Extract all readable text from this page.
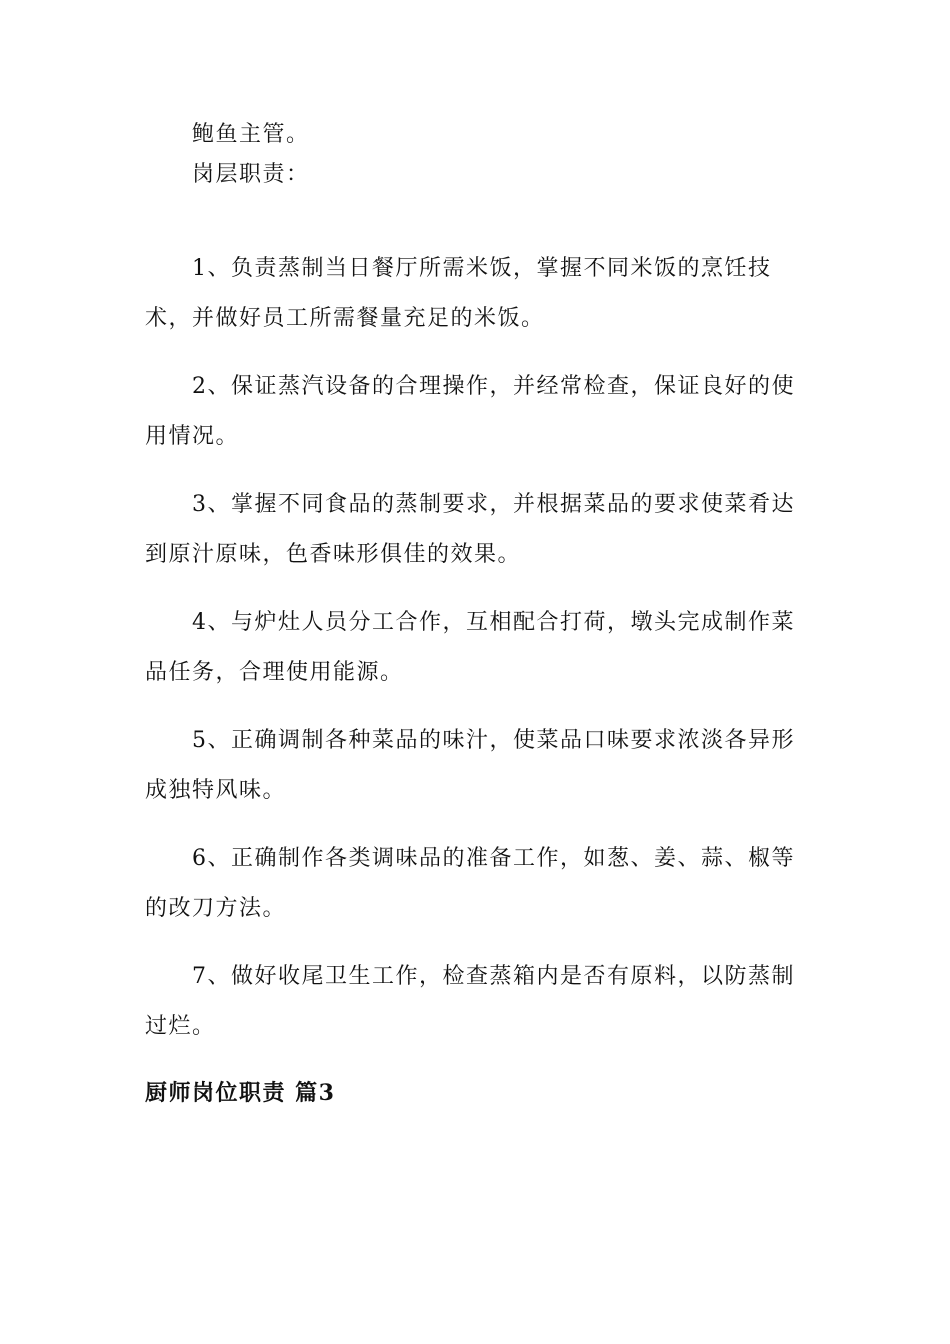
鲍鱼主管。

岗层职责：

1、负责蒸制当日餐厅所需米饭，掌握不同米饭的烹饪技术，并做好员工所需餐量充足的米饭。

2、保证蒸汽设备的合理操作，并经常检查，保证良好的使用情况。

3、掌握不同食品的蒸制要求，并根据菜品的要求使菜肴达到原汁原味，色香味形俱佳的效果。

4、与炉灶人员分工合作，互相配合打荷，墩头完成制作菜品任务，合理使用能源。

5、正确调制各种菜品的味汁，使菜品口味要求浓淡各异形成独特风味。

6、正确制作各类调味品的准备工作，如葱、姜、蒜、椒等的改刀方法。

7、做好收尾卫生工作，检查蒸箱内是否有原料，以防蒸制过烂。

厨师岗位职责 篇3
